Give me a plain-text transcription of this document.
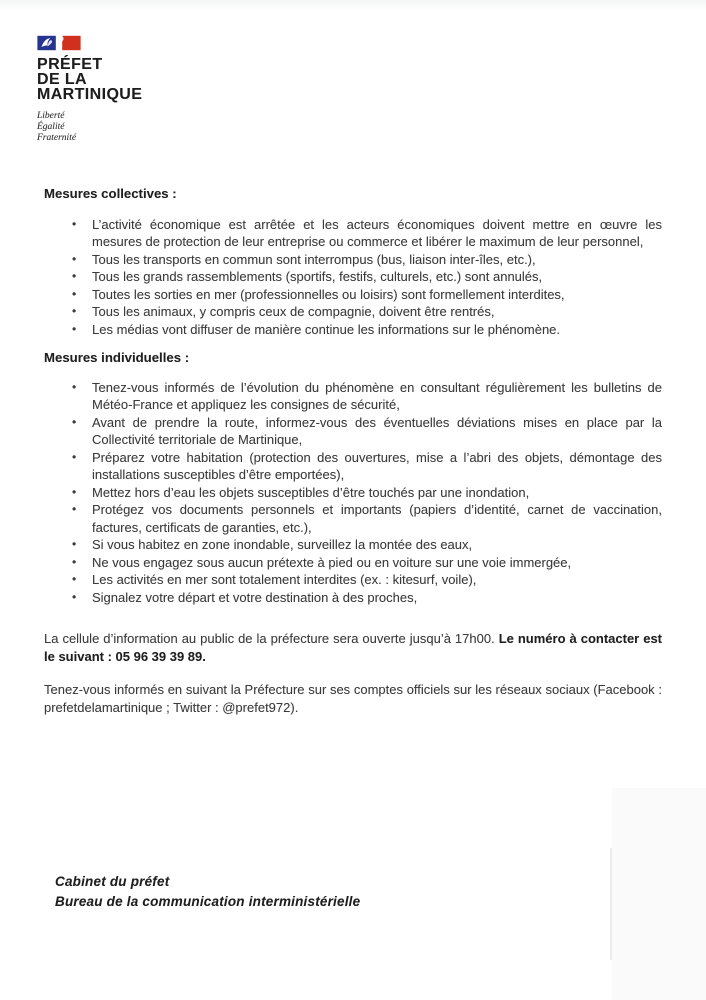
PRÉFET
DE LA
MARTINIQUE
Liberté
Égalité
Fraternité
Mesures collectives :
• L’activité économique est arrêtée et les acteurs économiques doivent mettre en œuvre les mesures de protection de leur entreprise ou commerce et libérer le maximum de leur personnel,
• Tous les transports en commun sont interrompus (bus, liaison inter-îles, etc.),
• Tous les grands rassemblements (sportifs, festifs, culturels, etc.) sont annulés,
• Toutes les sorties en mer (professionnelles ou loisirs) sont formellement interdites,
• Tous les animaux, y compris ceux de compagnie, doivent être rentrés,
• Les médias vont diffuser de manière continue les informations sur le phénomène.
Mesures individuelles :
• Tenez-vous informés de l’évolution du phénomène en consultant régulièrement les bulletins de Météo-France et appliquez les consignes de sécurité,
• Avant de prendre la route, informez-vous des éventuelles déviations mises en place par la Collectivité territoriale de Martinique,
• Préparez votre habitation (protection des ouvertures, mise a l’abri des objets, démontage des installations susceptibles d’être emportées),
• Mettez hors d’eau les objets susceptibles d’être touchés par une inondation,
• Protégez vos documents personnels et importants (papiers d’identité, carnet de vaccination, factures, certificats de garanties, etc.),
• Si vous habitez en zone inondable, surveillez la montée des eaux,
• Ne vous engagez sous aucun prétexte à pied ou en voiture sur une voie immergée,
• Les activités en mer sont totalement interdites (ex. : kitesurf, voile),
• Signalez votre départ et votre destination à des proches,

La cellule d’information au public de la préfecture sera ouverte jusqu’à 17h00. Le numéro à contacter est le suivant : 05 96 39 39 89.

Tenez-vous informés en suivant la Préfecture sur ses comptes officiels sur les réseaux sociaux (Facebook : prefetdelamartinique ; Twitter : @prefet972).

Cabinet du préfet
Bureau de la communication interministérielle
